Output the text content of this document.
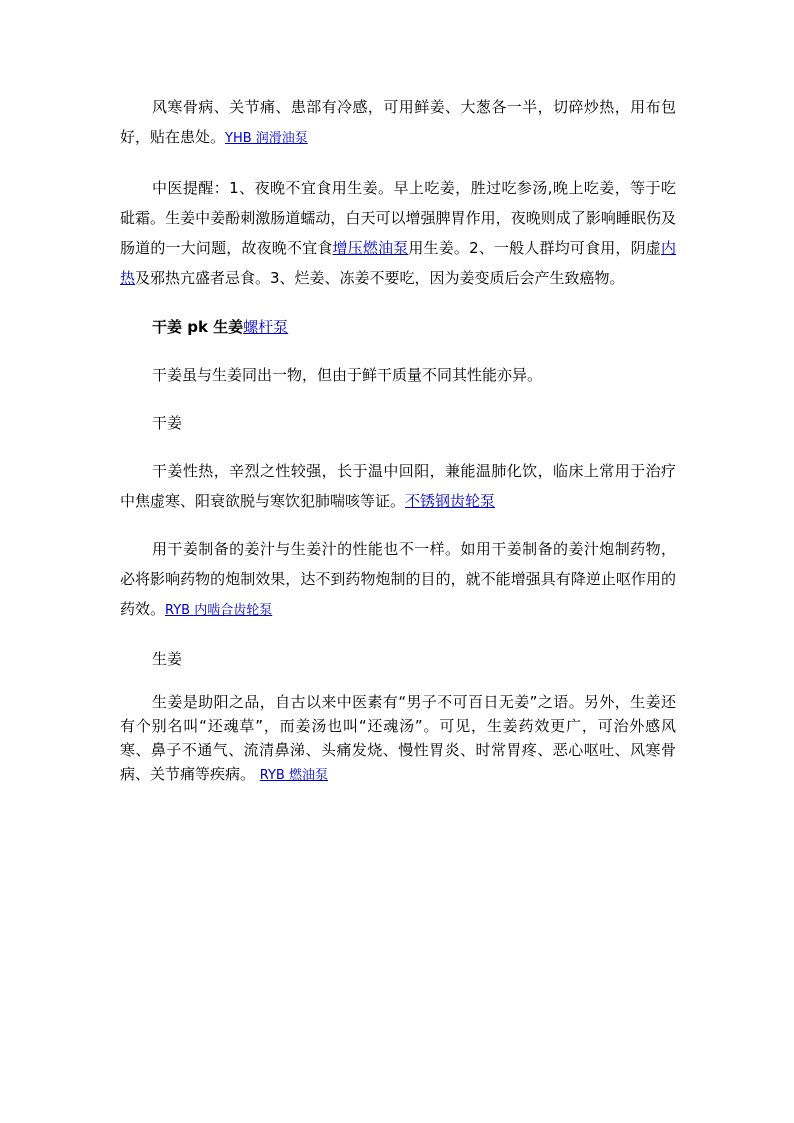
风寒骨病、关节痛、患部有冷感，可用鲜姜、大葱各一半，切碎炒热，用布包好，贴在患处。YHB 润滑油泵

中医提醒：1、夜晚不宜食用生姜。早上吃姜，胜过吃参汤,晚上吃姜，等于吃砒霜。生姜中姜酚刺激肠道蠕动，白天可以增强脾胃作用，夜晚则成了影响睡眠伤及肠道的一大问题，故夜晚不宜食增压燃油泵用生姜。2、一般人群均可食用，阴虚内热及邪热亢盛者忌食。3、烂姜、冻姜不要吃，因为姜变质后会产生致癌物。

干姜 pk 生姜螺杆泵

干姜虽与生姜同出一物，但由于鲜干质量不同其性能亦异。

干姜

干姜性热，辛烈之性较强，长于温中回阳，兼能温肺化饮，临床上常用于治疗中焦虚寒、阳衰欲脱与寒饮犯肺喘咳等证。不锈钢齿轮泵

用干姜制备的姜汁与生姜汁的性能也不一样。如用干姜制备的姜汁炮制药物，必将影响药物的炮制效果，达不到药物炮制的目的，就不能增强具有降逆止呕作用的药效。RYB 内啮合齿轮泵

生姜

生姜是助阳之品，自古以来中医素有“男子不可百日无姜”之语。另外，生姜还有个别名叫“还魂草”，而姜汤也叫“还魂汤”。可见，生姜药效更广，可治外感风寒、鼻子不通气、流清鼻涕、头痛发烧、慢性胃炎、时常胃疼、恶心呕吐、风寒骨病、关节痛等疾病。 RYB 燃油泵
